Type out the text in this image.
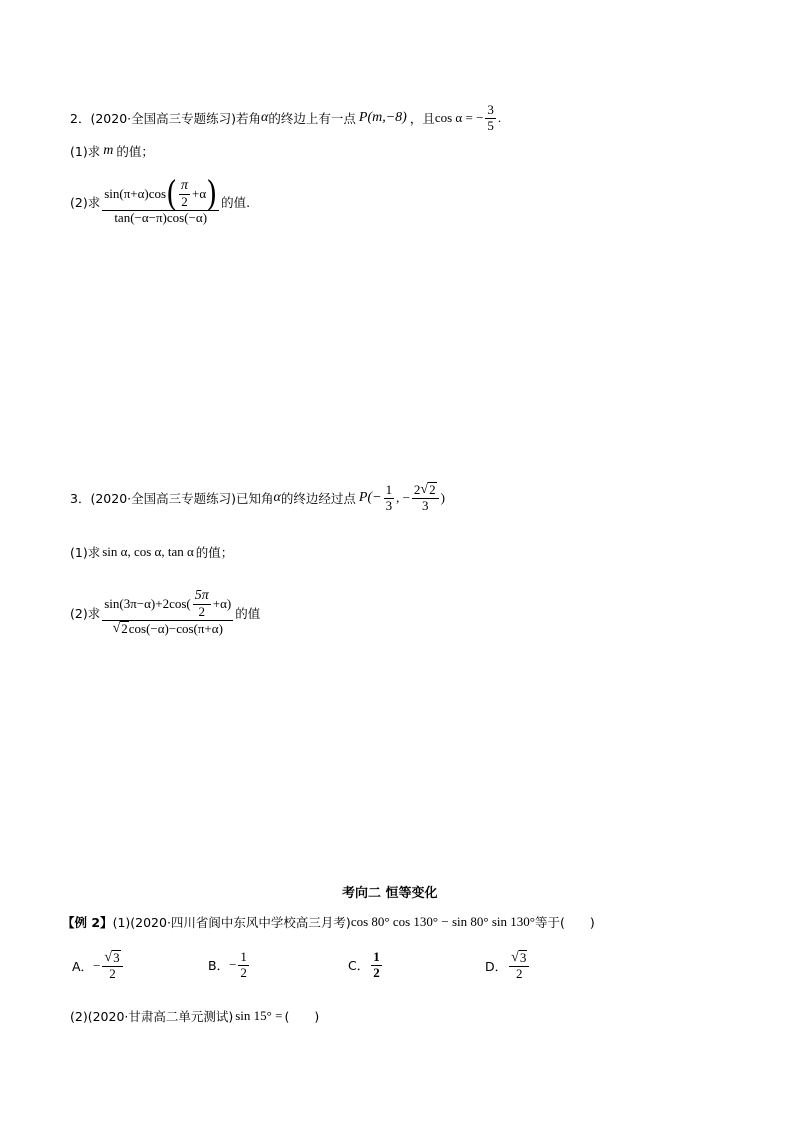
2． (2020·全国高三专题练习) 若角 α 的终边上有一点 P(m,−8) ，且 cos α = − $\frac{3}{5}$ .
(1)求 m 的值；
(2)求
sin(π+α)cos ( $\frac{\pi}{2} +\alpha$ )
tan(−α−π)cos(−α)
的值.
3． (2020·全国高三专题练习) 已知角 α 的终边经过点 $P(- \frac{1}{3}$ , − $\frac{2 √ 2}{3}$ )
(1)求 sin α, cos α, tan α 的值；
(2)求
$\sin(3\pi-\alpha)+2\cos( \frac{5\pi}{2} +\alpha)$
√ 2 cos(−α)−cos(π+α)
的值
考向二 恒等变化
【例 2】 (1)(2020·四川省阆中东风中学校高三月考) cos 80° cos 130° − sin 80° sin 130° 等于(　　)
A． − $\frac{√ 3}{2}$	B． − $\frac{1}{2}$	C． $\frac{1}{2}$	D． $\frac{√ 3}{2}$
(2)(2020·甘肃高二单元测试) sin 15° = (　　)
